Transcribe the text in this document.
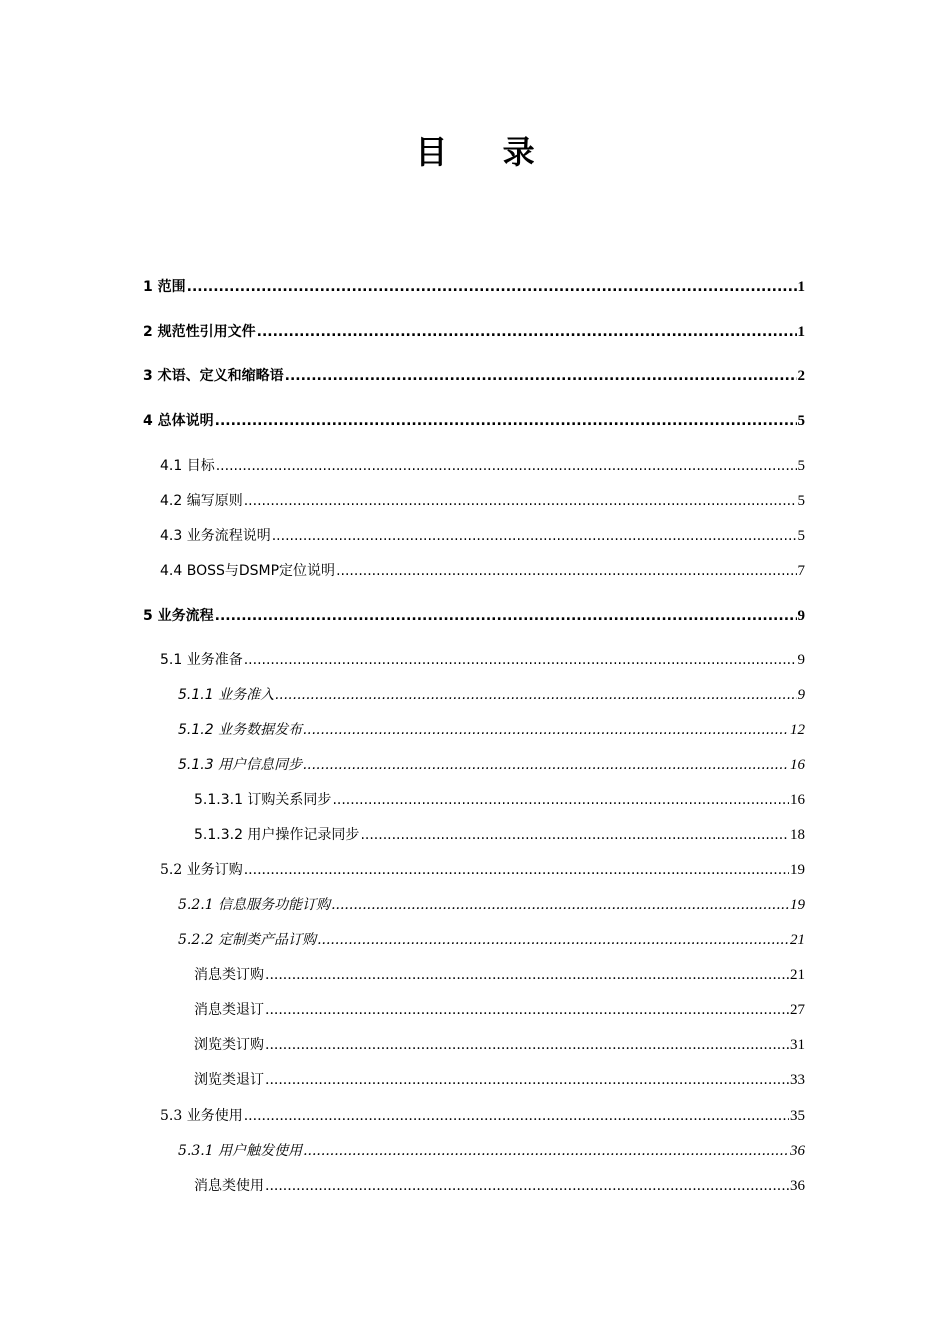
目 录
1 范围 .....	1
2 规范性引用文件 .....	1
3 术语、定义和缩略语 .....	2
4 总体说明 .....	5
4.1 目标 .....	5
4.2 编写原则 .....	5
4.3 业务流程说明 .....	5
4.4 BOSS与DSMP定位说明 .....	7
5 业务流程 .....	9
5.1 业务准备 .....	9
5.1.1 业务准入 .....	9
5.1.2 业务数据发布 .....	12
5.1.3 用户信息同步 .....	16
5.1.3.1 订购关系同步 .....	16
5.1.3.2 用户操作记录同步 .....	18
5.2 业务订购 .....	19
5.2.1 信息服务功能订购 .....	19
5.2.2 定制类产品订购 .....	21
消息类订购 .....	21
消息类退订 .....	27
浏览类订购 .....	31
浏览类退订 .....	33
5.3 业务使用 .....	35
5.3.1 用户触发使用 .....	36
消息类使用 .....	36
